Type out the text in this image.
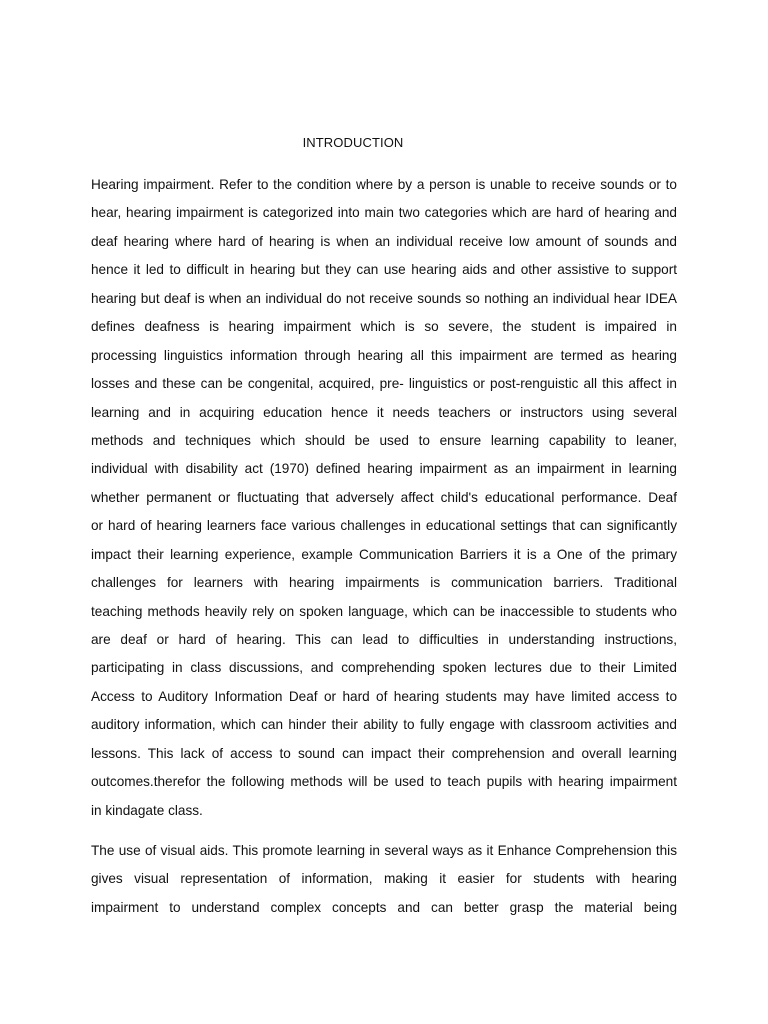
INTRODUCTION
Hearing impairment. Refer to the condition where by a person is unable to receive sounds or to
hear, hearing impairment is categorized into main two categories which are hard of hearing and
deaf hearing where hard of hearing is when an individual receive low amount of sounds and
hence it led to difficult in hearing but they can use hearing aids and other assistive to support
hearing but deaf is when an individual do not receive sounds so nothing an individual hear IDEA
defines deafness is hearing impairment which is so severe, the student is impaired in
processing linguistics information through hearing all this impairment are termed as hearing
losses and these can be congenital, acquired, pre- linguistics or post-renguistic all this affect in
learning and in acquiring education hence it needs teachers or instructors using several
methods and techniques which should be used to ensure learning capability to leaner,
individual with disability act (1970) defined hearing impairment as an impairment in learning
whether permanent or fluctuating that adversely affect child's educational performance. Deaf
or hard of hearing learners face various challenges in educational settings that can significantly
impact their learning experience, example Communication Barriers it is a One of the primary
challenges for learners with hearing impairments is communication barriers. Traditional
teaching methods heavily rely on spoken language, which can be inaccessible to students who
are deaf or hard of hearing. This can lead to difficulties in understanding instructions,
participating in class discussions, and comprehending spoken lectures due to their Limited
Access to Auditory Information Deaf or hard of hearing students may have limited access to
auditory information, which can hinder their ability to fully engage with classroom activities and
lessons. This lack of access to sound can impact their comprehension and overall learning
outcomes.therefor the following methods will be used to teach pupils with hearing impairment
in kindagate class.
The use of visual aids. This promote learning in several ways as it Enhance Comprehension this
gives visual representation of information, making it easier for students with hearing
impairment to understand complex concepts and can better grasp the material being
